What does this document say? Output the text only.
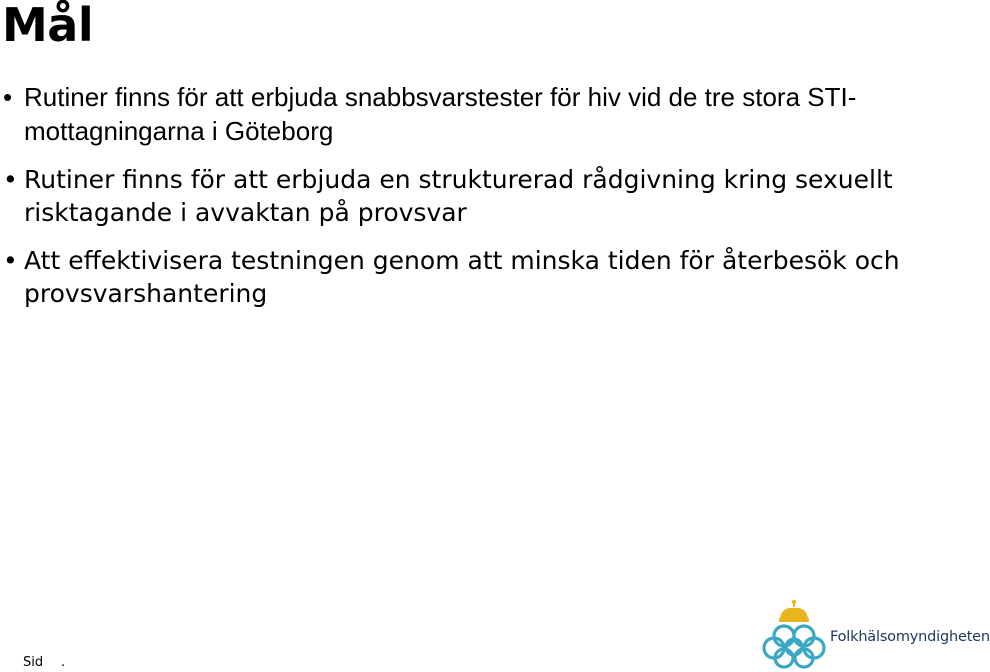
Mål
• Rutiner finns för att erbjuda snabbsvarstester för hiv vid de tre stora STI-mottagningarna i Göteborg
• Rutiner finns för att erbjuda en strukturerad rådgivning kring sexuellt risktagande i avvaktan på provsvar
• Att effektivisera testningen genom att minska tiden för återbesök och provsvarshantering
Sid .
Folkhälsomyndigheten
